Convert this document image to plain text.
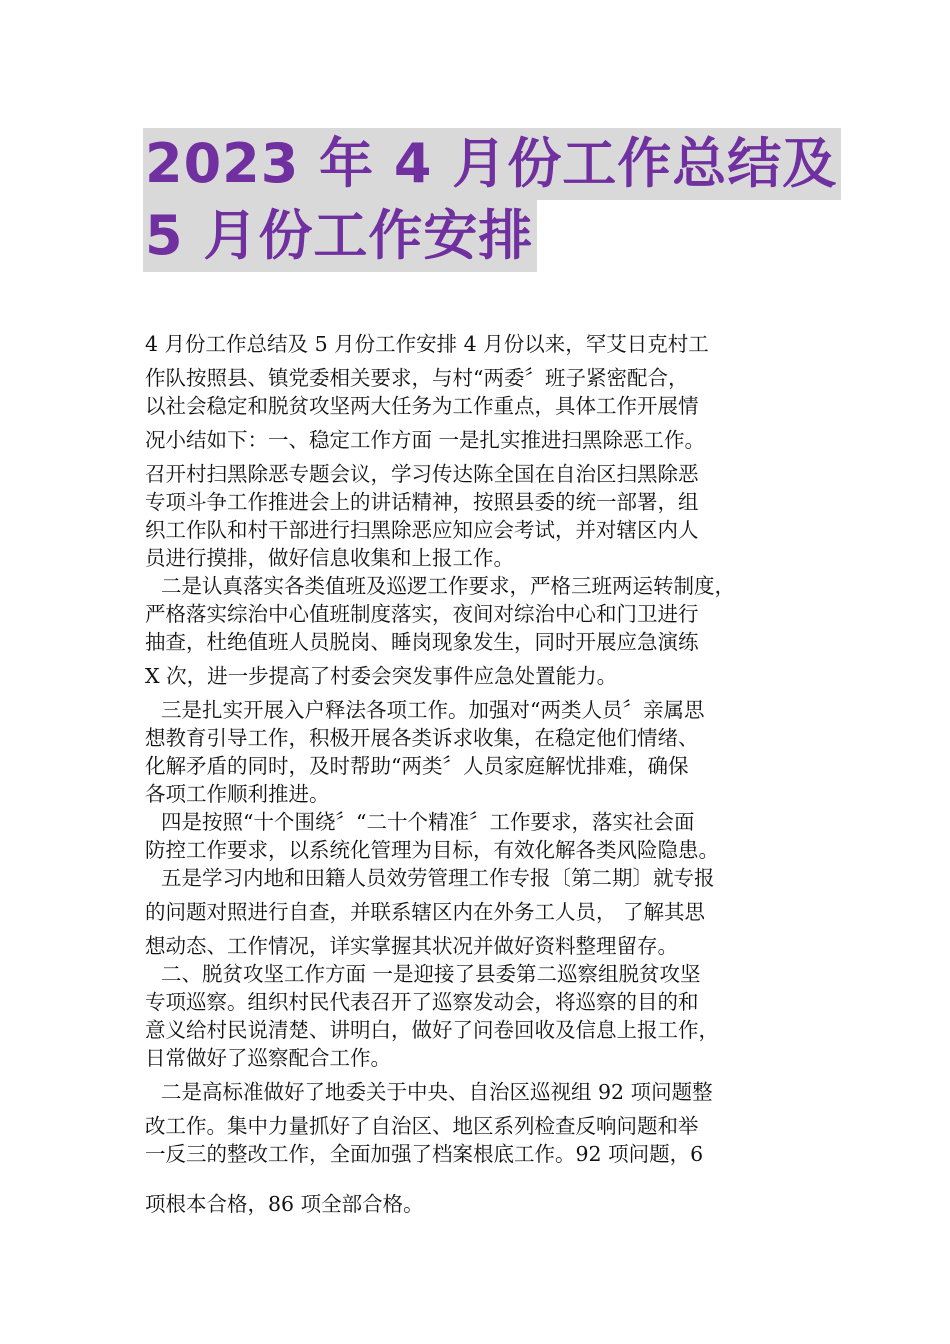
2023 年 4 月份工作总结及
5 月份工作安排

4 月份工作总结及 5 月份工作安排 4 月份以来，罕艾日克村工

作队按照县、镇党委相关要求，与村“两委〞班子紧密配合，

以社会稳定和脱贫攻坚两大任务为工作重点，具体工作开展情

况小结如下：一、稳定工作方面 一是扎实推进扫黑除恶工作。

召开村扫黑除恶专题会议，学习传达陈全国在自治区扫黑除恶

专项斗争工作推进会上的讲话精神，按照县委的统一部署，组

织工作队和村干部进行扫黑除恶应知应会考试，并对辖区内人

员进行摸排，做好信息收集和上报工作。

二是认真落实各类值班及巡逻工作要求，严格三班两运转制度，

严格落实综治中心值班制度落实，夜间对综治中心和门卫进行

抽查，杜绝值班人员脱岗、睡岗现象发生，同时开展应急演练

X 次，进一步提高了村委会突发事件应急处置能力。

三是扎实开展入户释法各项工作。加强对“两类人员〞亲属思

想教育引导工作，积极开展各类诉求收集，在稳定他们情绪、

化解矛盾的同时，及时帮助“两类〞人员家庭解忧排难，确保

各项工作顺利推进。

四是按照“十个围绕〞“二十个精准〞工作要求，落实社会面

防控工作要求，以系统化管理为目标，有效化解各类风险隐患。

五是学习内地和田籍人员效劳管理工作专报〔第二期〕就专报

的问题对照进行自查，并联系辖区内在外务工人员， 了解其思

想动态、工作情况，详实掌握其状况并做好资料整理留存。

二、脱贫攻坚工作方面 一是迎接了县委第二巡察组脱贫攻坚

专项巡察。组织村民代表召开了巡察发动会，将巡察的目的和

意义给村民说清楚、讲明白，做好了问卷回收及信息上报工作，

日常做好了巡察配合工作。

二是高标准做好了地委关于中央、自治区巡视组 92 项问题整

改工作。集中力量抓好了自治区、地区系列检查反响问题和举

一反三的整改工作，全面加强了档案根底工作。92 项问题，6

项根本合格，86 项全部合格。
